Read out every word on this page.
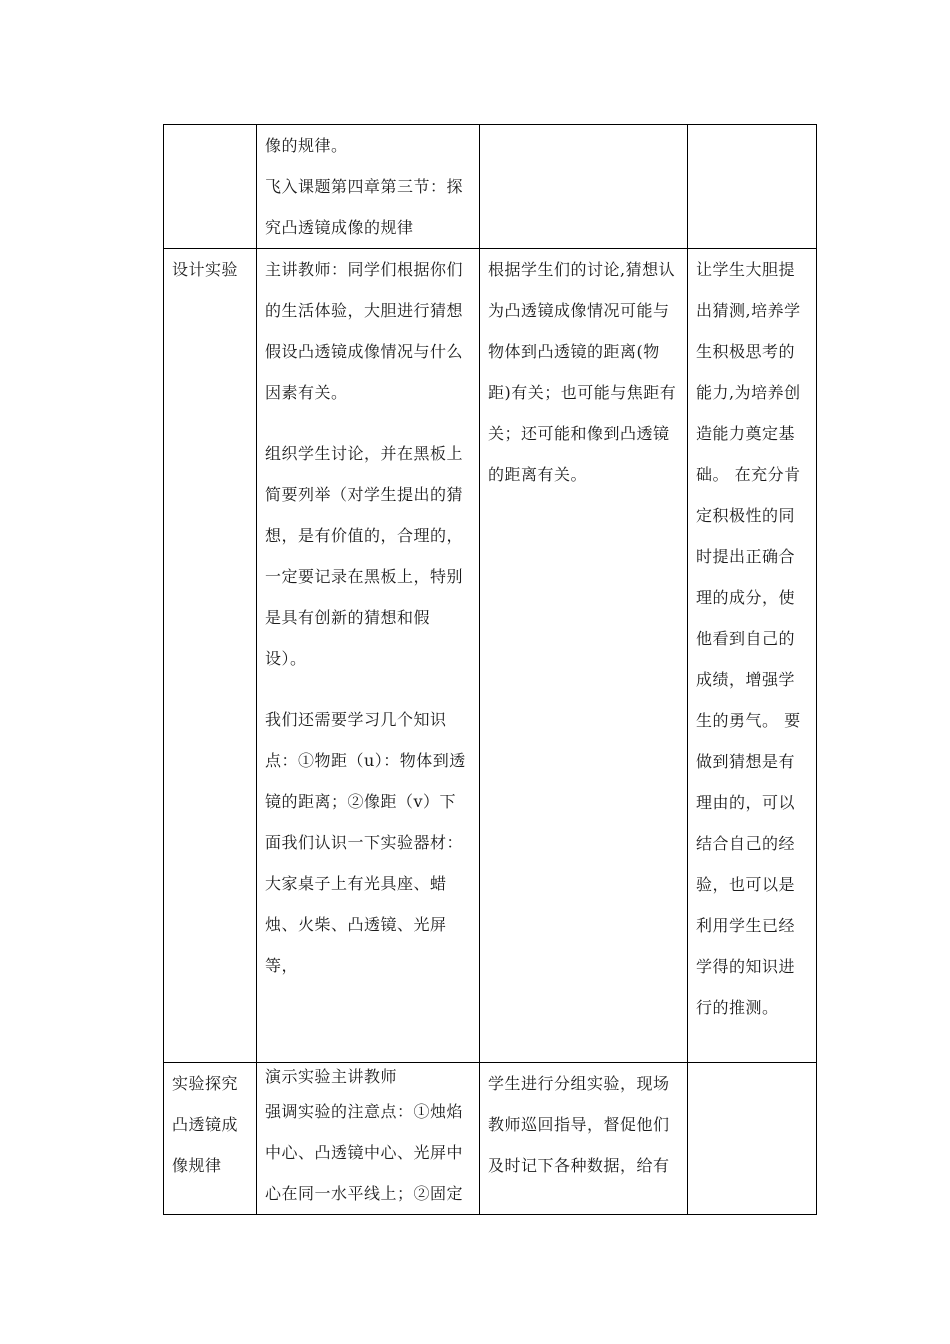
	像的规律。

飞入课题第四章第三节：探究凸透镜成像的规律		

设计实验	主讲教师：同学们根据你们的生活体验，大胆进行猜想假设凸透镜成像情况与什么因素有关。

组织学生讨论，并在黑板上简要列举（对学生提出的猜想，是有价值的，合理的，一定要记录在黑板上，特别是具有创新的猜想和假设）。

我们还需要学习几个知识点：①物距（u）：物体到透镜的距离；②像距（v）下面我们认识一下实验器材：大家桌子上有光具座、蜡烛、火柴、凸透镜、光屏等，	根据学生们的讨论,猜想认为凸透镜成像情况可能与物体到凸透镜的距离(物距)有关；也可能与焦距有关；还可能和像到凸透镜的距离有关。	让学生大胆提出猜测,培养学生积极思考的能力,为培养创造能力奠定基础。 在充分肯定积极性的同时提出正确合理的成分，使他看到自己的成绩，增强学生的勇气。 要做到猜想是有理由的，可以结合自己的经验，也可以是利用学生已经学得的知识进行的推测。
实验探究凸透镜成像规律	演示实验主讲教师

强调实验的注意点：①烛焰中心、凸透镜中心、光屏中心在同一水平线上；②固定	学生进行分组实验，现场教师巡回指导，督促他们及时记下各种数据，给有	
